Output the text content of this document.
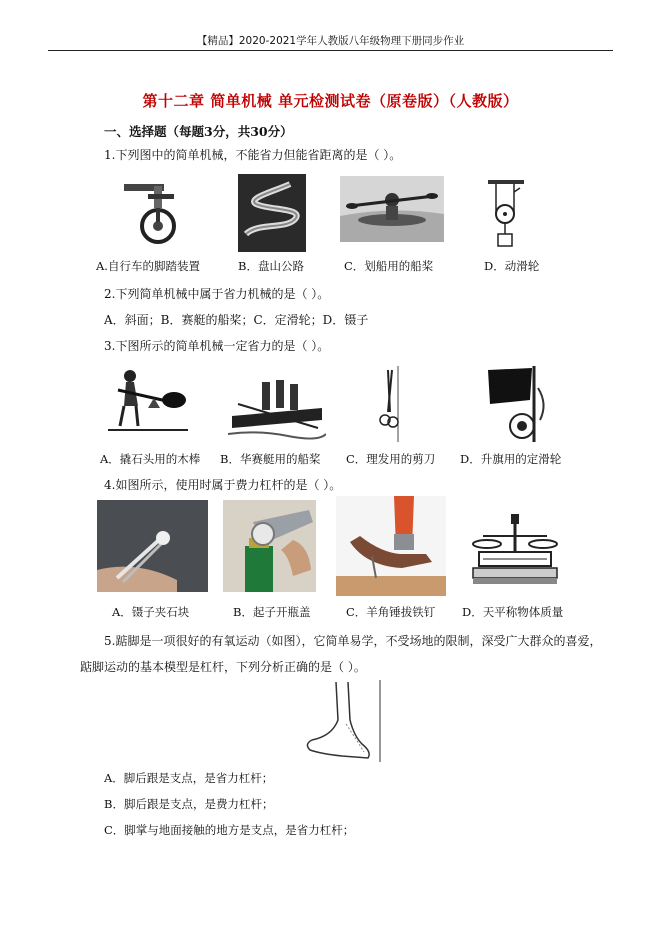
【精品】2020-2021学年人教版八年级物理下册同步作业
第十二章 简单机械 单元检测试卷（原卷版）（人教版）
一、选择题（每题3分，共30分）
1.下列图中的简单机械，不能省力但能省距离的是（ ）。
A.自行车的脚踏装置	B．盘山公路	C．划船用的船桨	D．动滑轮
2.下列简单机械中属于省力机械的是（ ）。
A．斜面；B．赛艇的船桨；C．定滑轮；D．镊子
3.下图所示的简单机械一定省力的是（ ）。
A．撬石头用的木棒 B．华赛艇用的船桨 C．理发用的剪刀 D．升旗用的定滑轮
4.如图所示，使用时属于费力杠杆的是（ ）。
A．镊子夹石块	B．起子开瓶盖	C．羊角锤拔铁钉 D．天平称物体质量
5.踮脚是一项很好的有氧运动（如图），它简单易学，不受场地的限制，深受广大群众的喜爱，
踮脚运动的基本模型是杠杆，下列分析正确的是（ ）。
A．脚后跟是支点，是省力杠杆；
B．脚后跟是支点，是费力杠杆；
C．脚掌与地面接触的地方是支点，是省力杠杆；
